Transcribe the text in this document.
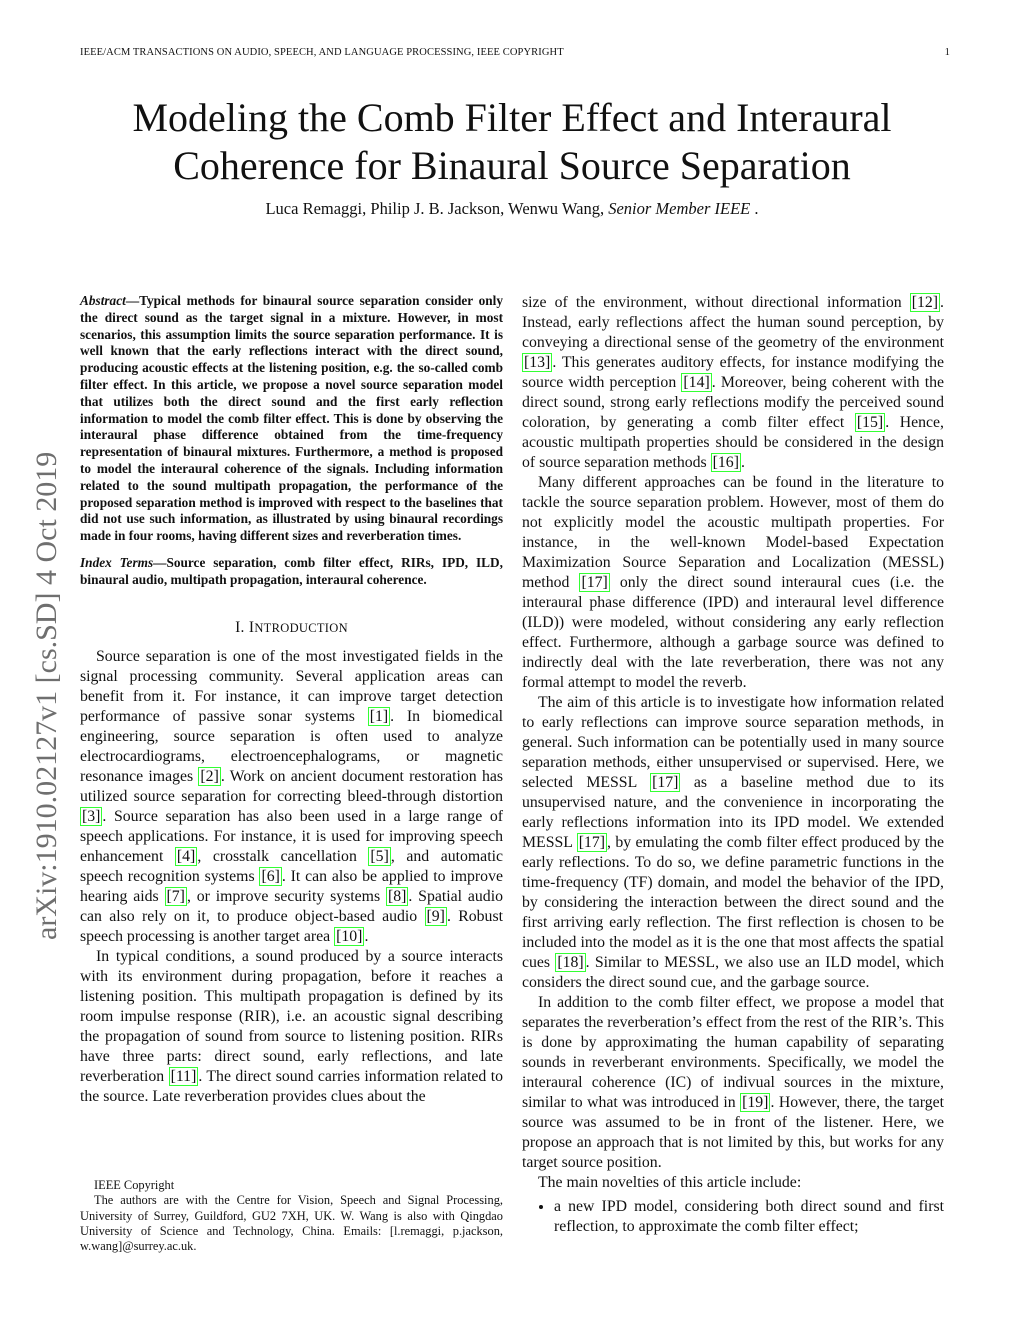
IEEE/ACM TRANSACTIONS ON AUDIO, SPEECH, AND LANGUAGE PROCESSING, IEEE COPYRIGHT	1
Modeling the Comb Filter Effect and Interaural Coherence for Binaural Source Separation
Luca Remaggi, Philip J. B. Jackson, Wenwu Wang, Senior Member IEEE .
arXiv:1910.02127v1 [cs.SD] 4 Oct 2019

Abstract—Typical methods for binaural source separation consider only the direct sound as the target signal in a mixture. However, in most scenarios, this assumption limits the source separation performance. It is well known that the early reflections interact with the direct sound, producing acoustic effects at the listening position, e.g. the so-called comb filter effect. In this article, we propose a novel source separation model that utilizes both the direct sound and the first early reflection information to model the comb filter effect. This is done by observing the interaural phase difference obtained from the time-frequency representation of binaural mixtures. Furthermore, a method is proposed to model the interaural coherence of the signals. Including information related to the sound multipath propagation, the performance of the proposed separation method is improved with respect to the baselines that did not use such information, as illustrated by using binaural recordings made in four rooms, having different sizes and reverberation times.

Index Terms—Source separation, comb filter effect, RIRs, IPD, ILD, binaural audio, multipath propagation, interaural coherence.

I. INTRODUCTION

Source separation is one of the most investigated fields in the signal processing community. Several application areas can benefit from it. For instance, it can improve target detection performance of passive sonar systems [1] . In biomedical engineering, source separation is often used to analyze electrocardiograms, electroencephalograms, or magnetic resonance images [2] . Work on ancient document restoration has utilized source separation for correcting bleed-through distortion [3] . Source separation has also been used in a large range of speech applications. For instance, it is used for improving speech enhancement [4] , crosstalk cancellation [5] , and automatic speech recognition systems [6] . It can also be applied to improve hearing aids [7] , or improve security systems [8] . Spatial audio can also rely on it, to produce object-based audio [9] . Robust speech processing is another target area [10] .

In typical conditions, a sound produced by a source interacts with its environment during propagation, before it reaches a listening position. This multipath propagation is defined by its room impulse response (RIR), i.e. an acoustic signal describing the propagation of sound from source to listening position. RIRs have three parts: direct sound, early reflections, and late reverberation [11] . The direct sound carries information related to the source. Late reverberation provides clues about the

IEEE Copyright

The authors are with the Centre for Vision, Speech and Signal Processing, University of Surrey, Guildford, GU2 7XH, UK. W. Wang is also with Qingdao University of Science and Technology, China. Emails: [l.remaggi, p.jackson, w.wang]@surrey.ac.uk.

size of the environment, without directional information [12] . Instead, early reflections affect the human sound perception, by conveying a directional sense of the geometry of the environment [13] . This generates auditory effects, for instance modifying the source width perception [14] . Moreover, being coherent with the direct sound, strong early reflections modify the perceived sound coloration, by generating a comb filter effect [15] . Hence, acoustic multipath properties should be considered in the design of source separation methods [16] .

Many different approaches can be found in the literature to tackle the source separation problem. However, most of them do not explicitly model the acoustic multipath properties. For instance, in the well-known Model-based Expectation Maximization Source Separation and Localization (MESSL) method [17] only the direct sound interaural cues (i.e. the interaural phase difference (IPD) and interaural level difference (ILD)) were modeled, without considering any early reflection effect. Furthermore, although a garbage source was defined to indirectly deal with the late reverberation, there was not any formal attempt to model the reverb.

The aim of this article is to investigate how information related to early reflections can improve source separation methods, in general. Such information can be potentially used in many source separation methods, either unsupervised or supervised. Here, we selected MESSL [17] as a baseline method due to its unsupervised nature, and the convenience in incorporating the early reflections information into its IPD model. We extended MESSL [17] , by emulating the comb filter effect produced by the early reflections. To do so, we define parametric functions in the time-frequency (TF) domain, and model the behavior of the IPD, by considering the interaction between the direct sound and the first arriving early reflection. The first reflection is chosen to be included into the model as it is the one that most affects the spatial cues [18] . Similar to MESSL, we also use an ILD model, which considers the direct sound cue, and the garbage source.

In addition to the comb filter effect, we propose a model that separates the reverberation’s effect from the rest of the RIR’s. This is done by approximating the human capability of separating sounds in reverberant environments. Specifically, we model the interaural coherence (IC) of indivual sources in the mixture, similar to what was introduced in [19] . However, there, the target source was assumed to be in front of the listener. Here, we propose an approach that is not limited by this, but works for any target source position.

The main novelties of this article include:

• a new IPD model, considering both direct sound and first reflection, to approximate the comb filter effect;
